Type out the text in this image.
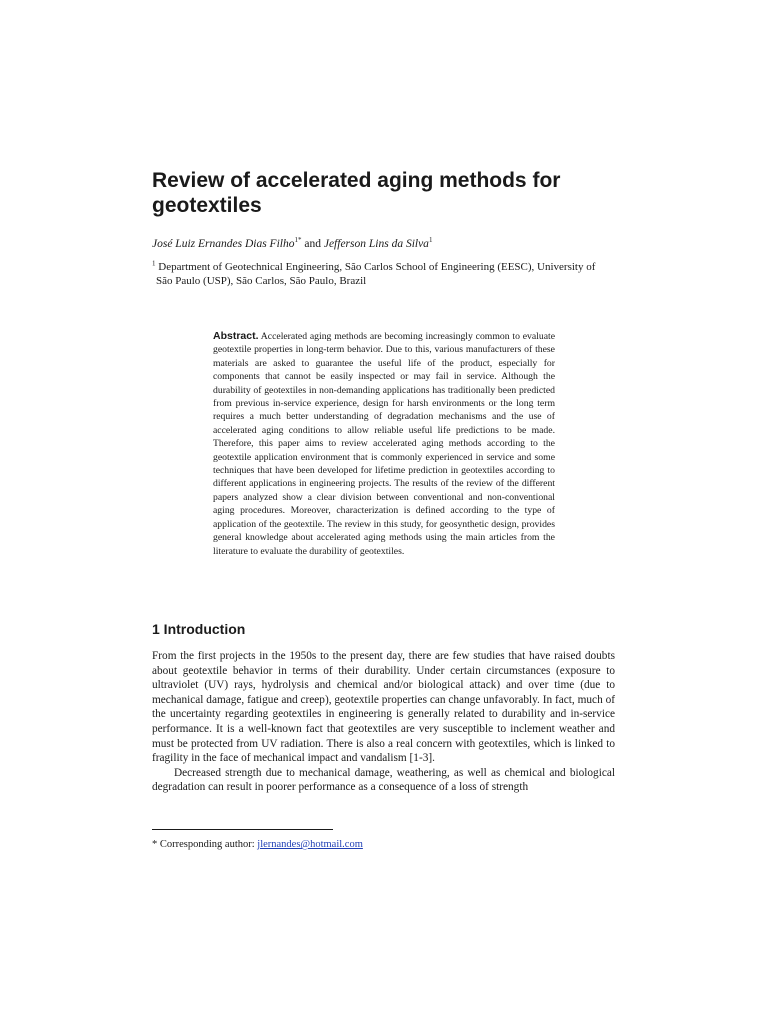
Review of accelerated aging methods for geotextiles
José Luiz Ernandes Dias Filho$^{1*}$ and Jefferson Lins da Silva$^1$
$^1$ Department of Geotechnical Engineering, São Carlos School of Engineering (EESC), University of
São Paulo (USP), São Carlos, São Paulo, Brazil

Abstract. Accelerated aging methods are becoming increasingly common to evaluate geotextile properties in long-term behavior. Due to this, various manufacturers of these materials are asked to guarantee the useful life of the product, especially for components that cannot be easily inspected or may fail in service. Although the durability of geotextiles in non-demanding applications has traditionally been predicted from previous in-service experience, design for harsh environments or the long term requires a much better understanding of degradation mechanisms and the use of accelerated aging conditions to allow reliable useful life predictions to be made. Therefore, this paper aims to review accelerated aging methods according to the geotextile application environment that is commonly experienced in service and some techniques that have been developed for lifetime prediction in geotextiles according to different applications in engineering projects. The results of the review of the different papers analyzed show a clear division between conventional and non-conventional aging procedures. Moreover, characterization is defined according to the type of application of the geotextile. The review in this study, for geosynthetic design, provides general knowledge about accelerated aging methods using the main articles from the literature to evaluate the durability of geotextiles.

1 Introduction

From the first projects in the 1950s to the present day, there are few studies that have raised doubts about geotextile behavior in terms of their durability. Under certain circumstances (exposure to ultraviolet (UV) rays, hydrolysis and chemical and/or biological attack) and over time (due to mechanical damage, fatigue and creep), geotextile properties can change unfavorably. In fact, much of the uncertainty regarding geotextiles in engineering is generally related to durability and in-service performance. It is a well-known fact that geotextiles are very susceptible to inclement weather and must be protected from UV radiation. There is also a real concern with geotextiles, which is linked to fragility in the face of mechanical impact and vandalism [1-3].

Decreased strength due to mechanical damage, weathering, as well as chemical and biological degradation can result in poorer performance as a consequence of a loss of strength

* Corresponding author: jlernandes@hotmail.com
